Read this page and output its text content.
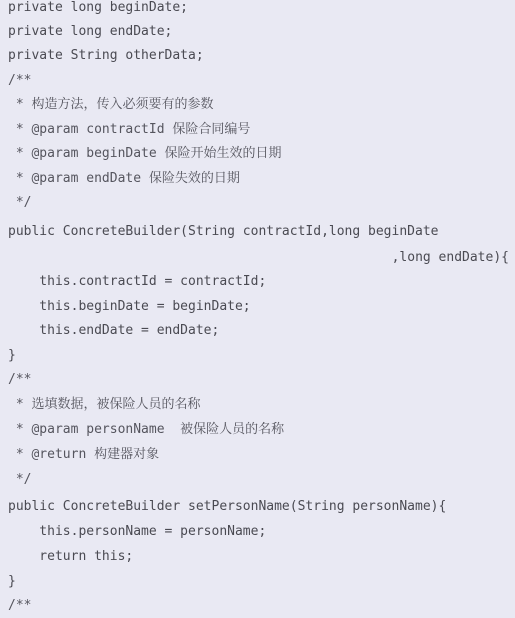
private long beginDate;
private long endDate;
private String otherData;
/**
* 构造方法，传入必须要有的参数
* @param contractId 保险合同编号
* @param beginDate 保险开始生效的日期
* @param endDate 保险失效的日期
*/
public ConcreteBuilder(String contractId,long beginDate
,long endDate){
this.contractId = contractId;
this.beginDate = beginDate;
this.endDate = endDate;
}
/**
* 选填数据，被保险人员的名称
* @param personName  被保险人员的名称
* @return 构建器对象
*/
public ConcreteBuilder setPersonName(String personName){
this.personName = personName;
return this;
}
/**
